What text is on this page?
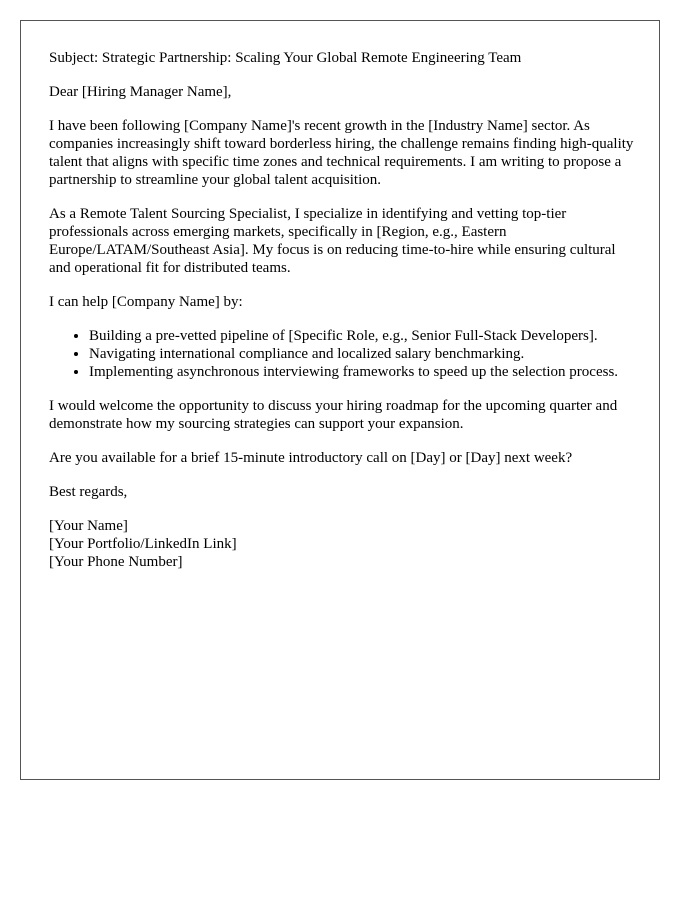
Subject: Strategic Partnership: Scaling Your Global Remote Engineering Team

Dear [Hiring Manager Name],

I have been following [Company Name]'s recent growth in the [Industry Name] sector. As companies increasingly shift toward borderless hiring, the challenge remains finding high-quality talent that aligns with specific time zones and technical requirements. I am writing to propose a partnership to streamline your global talent acquisition.

As a Remote Talent Sourcing Specialist, I specialize in identifying and vetting top-tier professionals across emerging markets, specifically in [Region, e.g., Eastern Europe/LATAM/Southeast Asia]. My focus is on reducing time-to-hire while ensuring cultural and operational fit for distributed teams.

I can help [Company Name] by:

• Building a pre-vetted pipeline of [Specific Role, e.g., Senior Full-Stack Developers].
• Navigating international compliance and localized salary benchmarking.
• Implementing asynchronous interviewing frameworks to speed up the selection process.

I would welcome the opportunity to discuss your hiring roadmap for the upcoming quarter and demonstrate how my sourcing strategies can support your expansion.

Are you available for a brief 15-minute introductory call on [Day] or [Day] next week?

Best regards,

[Your Name]
[Your Portfolio/LinkedIn Link]
[Your Phone Number]
